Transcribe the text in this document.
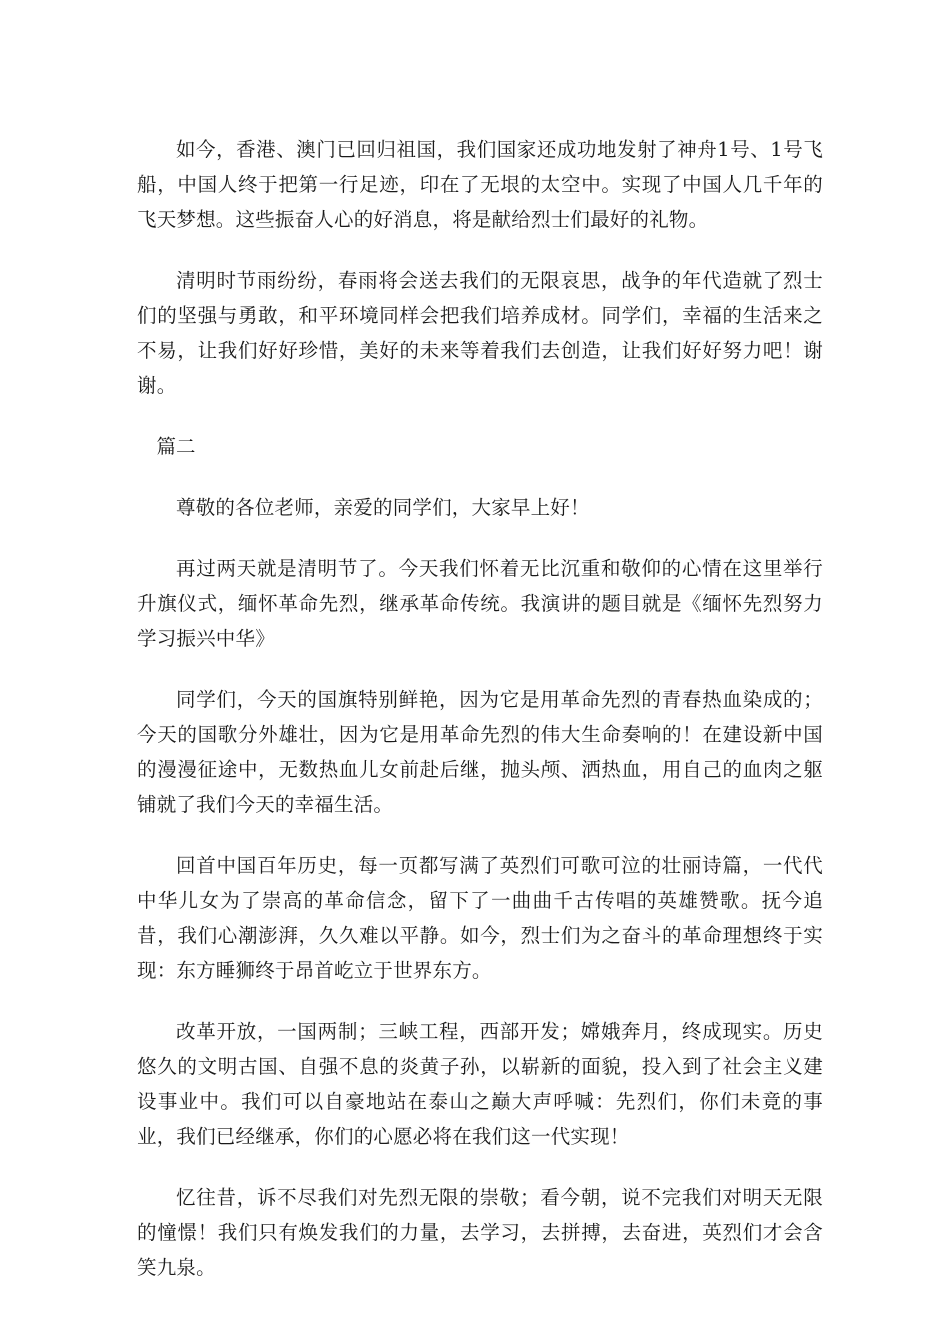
如今，香港、澳门已回归祖国，我们国家还成功地发射了神舟1号、1号飞船，中国人终于把第一行足迹，印在了无垠的太空中。实现了中国人几千年的飞天梦想。这些振奋人心的好消息，将是献给烈士们最好的礼物。

清明时节雨纷纷，春雨将会送去我们的无限哀思，战争的年代造就了烈士们的坚强与勇敢，和平环境同样会把我们培养成材。同学们，幸福的生活来之不易，让我们好好珍惜，美好的未来等着我们去创造，让我们好好努力吧！谢谢。

篇二

尊敬的各位老师，亲爱的同学们，大家早上好！

再过两天就是清明节了。今天我们怀着无比沉重和敬仰的心情在这里举行升旗仪式，缅怀革命先烈，继承革命传统。我演讲的题目就是《缅怀先烈努力学习振兴中华》

同学们，今天的国旗特别鲜艳，因为它是用革命先烈的青春热血染成的；今天的国歌分外雄壮，因为它是用革命先烈的伟大生命奏响的！在建设新中国的漫漫征途中，无数热血儿女前赴后继，抛头颅、洒热血，用自己的血肉之躯铺就了我们今天的幸福生活。

回首中国百年历史，每一页都写满了英烈们可歌可泣的壮丽诗篇，一代代中华儿女为了崇高的革命信念，留下了一曲曲千古传唱的英雄赞歌。抚今追昔，我们心潮澎湃，久久难以平静。如今，烈士们为之奋斗的革命理想终于实现：东方睡狮终于昂首屹立于世界东方。

改革开放，一国两制；三峡工程，西部开发；嫦娥奔月，终成现实。历史悠久的文明古国、自强不息的炎黄子孙，以崭新的面貌，投入到了社会主义建设事业中。我们可以自豪地站在泰山之巅大声呼喊：先烈们，你们未竟的事业，我们已经继承，你们的心愿必将在我们这一代实现！

忆往昔，诉不尽我们对先烈无限的崇敬；看今朝，说不完我们对明天无限的憧憬！我们只有焕发我们的力量，去学习，去拼搏，去奋进，英烈们才会含笑九泉。
